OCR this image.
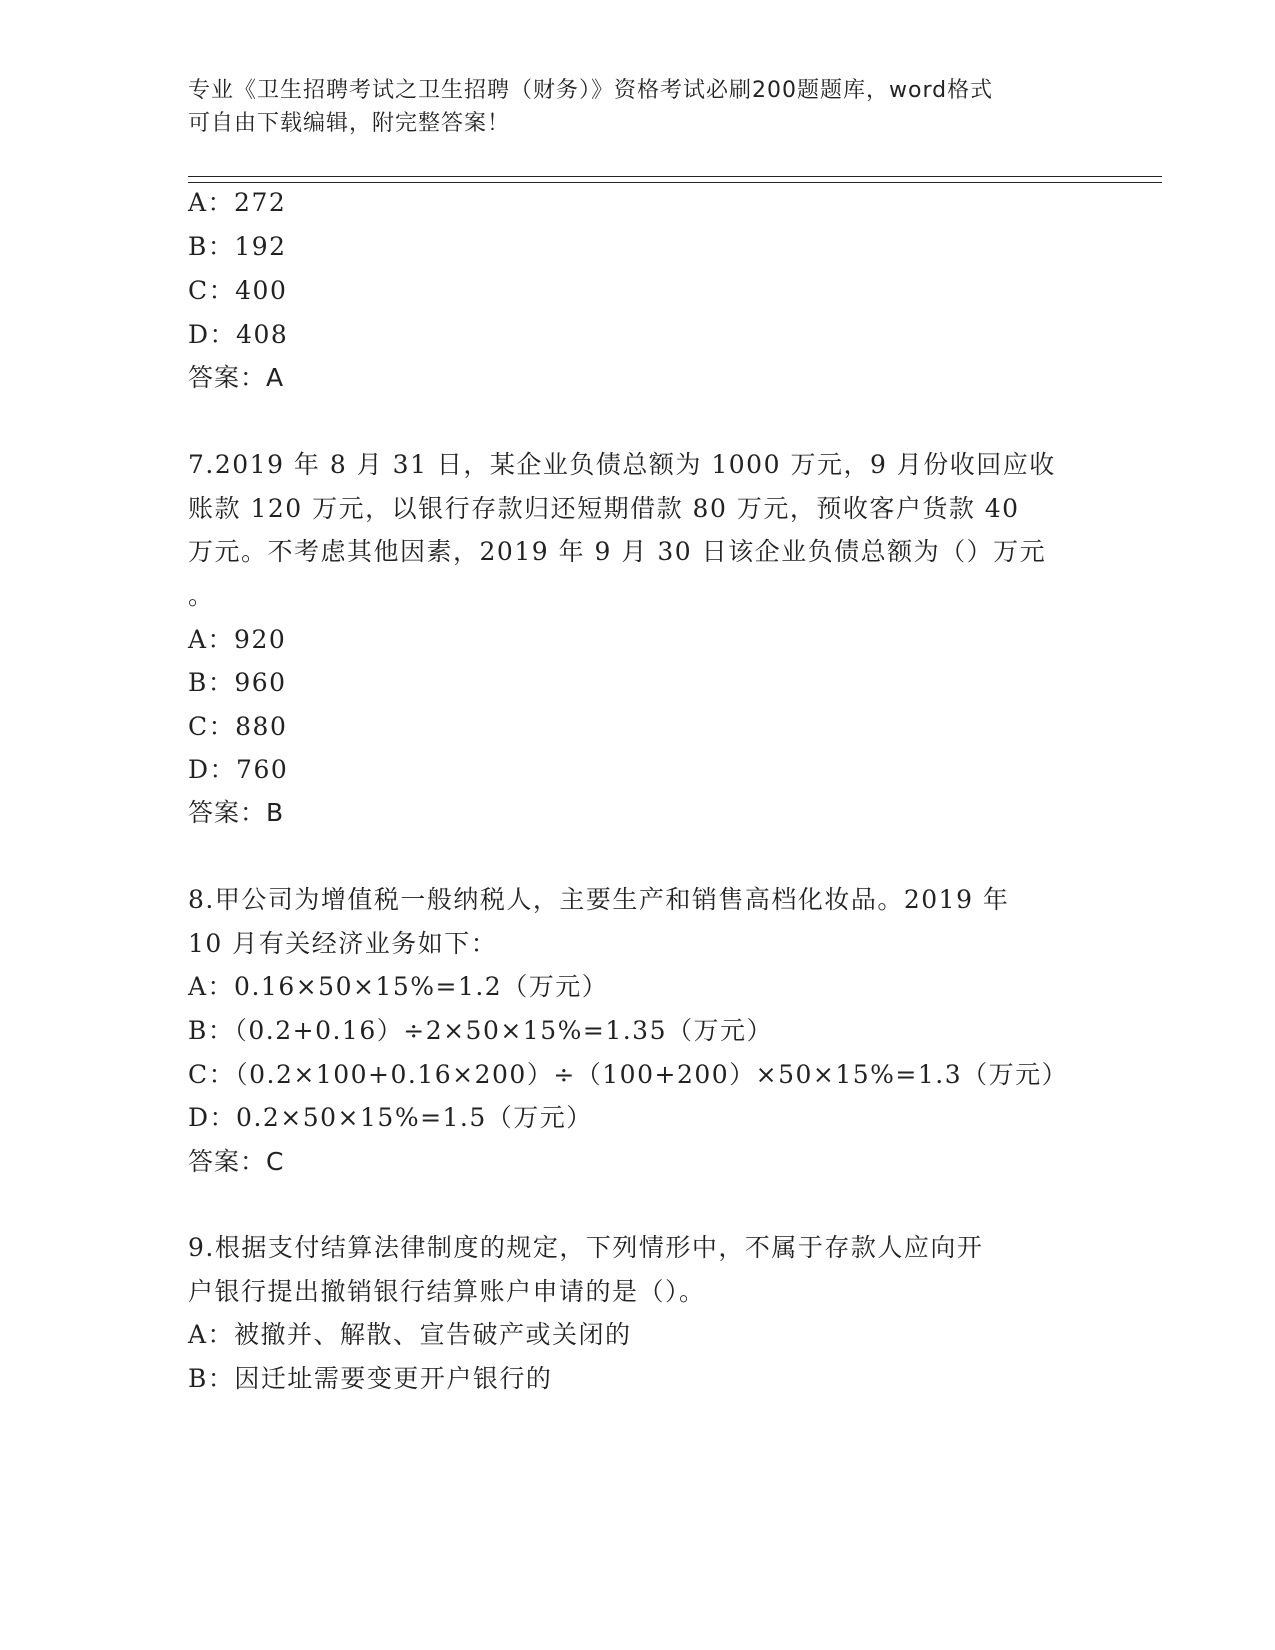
专业《卫生招聘考试之卫生招聘（财务）》资格考试必刷200题题库，word格式
可自由下载编辑，附完整答案！
A：272
B：192
C：400
D：408
答案：A
7.2019 年 8 月 31 日，某企业负债总额为 1000 万元，9 月份收回应收
账款 120 万元，以银行存款归还短期借款 80 万元，预收客户货款 40
万元。不考虑其他因素，2019 年 9 月 30 日该企业负债总额为（）万元
。
A：920
B：960
C：880
D：760
答案：B
8.甲公司为增值税一般纳税人，主要生产和销售高档化妆品。2019 年
10 月有关经济业务如下：
A：0.16×50×15%=1.2（万元）
B：（0.2+0.16）÷2×50×15%=1.35（万元）
C：（0.2×100+0.16×200）÷（100+200）×50×15%=1.3（万元）
D：0.2×50×15%=1.5（万元）
答案：C
9.根据支付结算法律制度的规定，下列情形中，不属于存款人应向开
户银行提出撤销银行结算账户申请的是（）。
A：被撤并、解散、宣告破产或关闭的
B：因迁址需要变更开户银行的
